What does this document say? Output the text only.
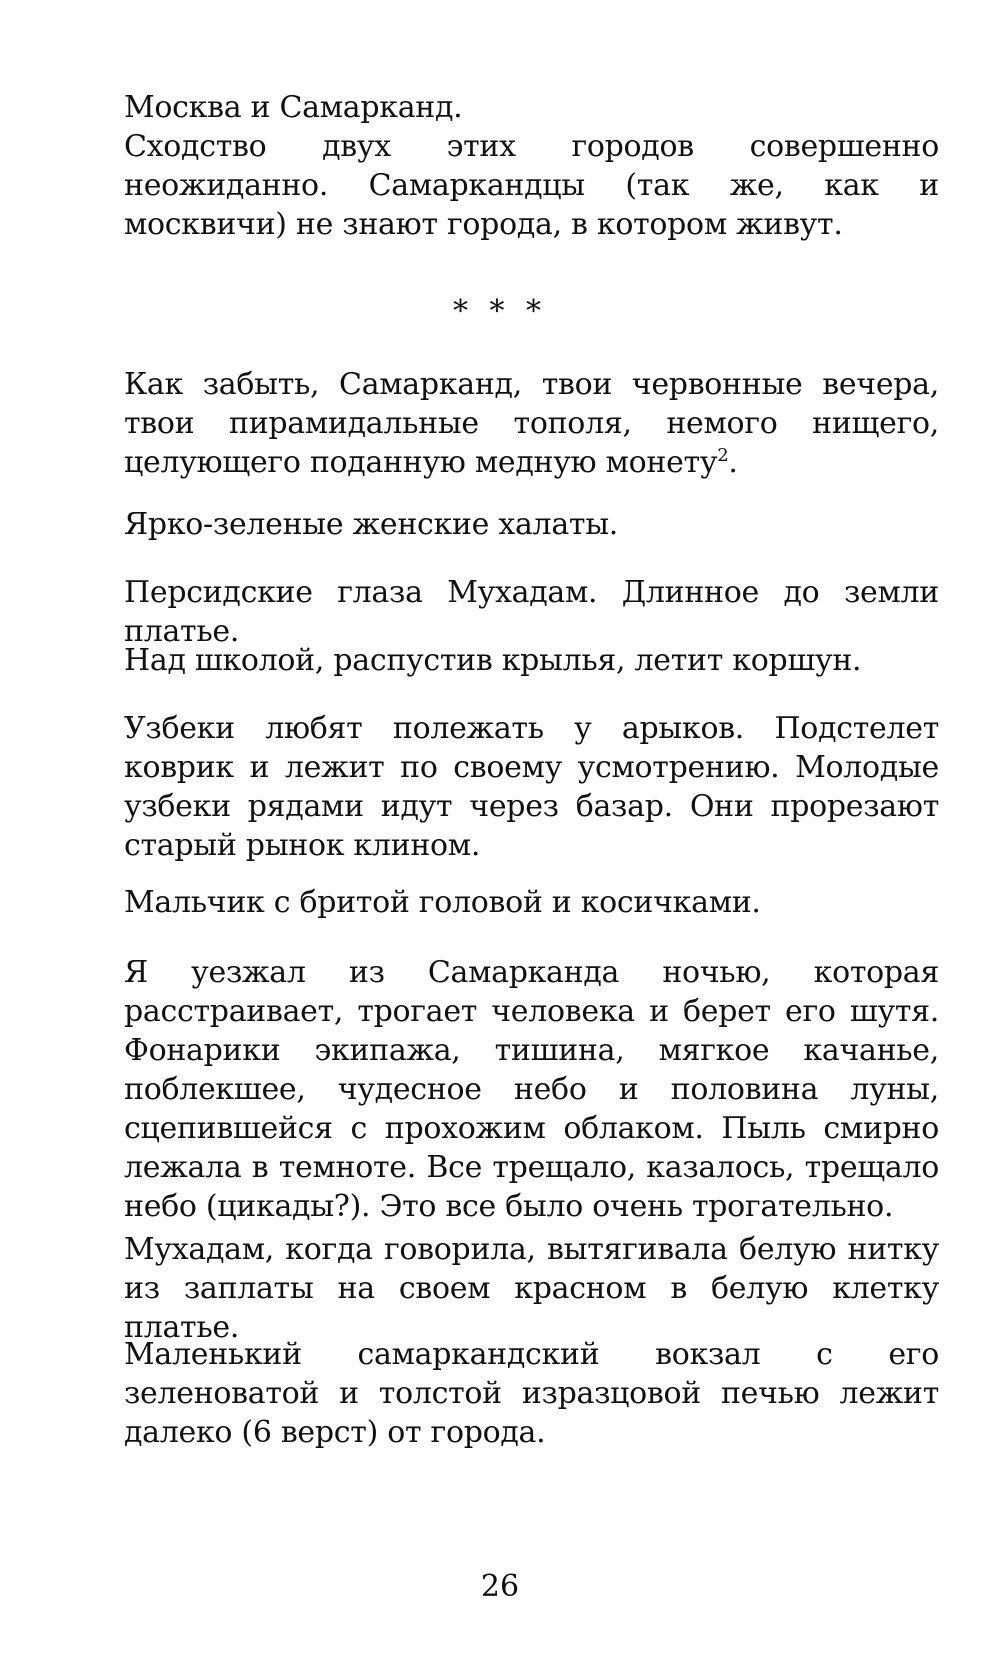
Москва и Самарканд.
Сходство двух этих городов совершенно неожиданно. Самаркандцы (так же, как и москвичи) не знают города, в котором живут.

* * *

Как забыть, Самарканд, твои червонные вечера, твои пирамидальные тополя, немого нищего, целующего поданную медную монету$^2$.

Ярко-зеленые женские халаты.

Персидские глаза Мухадам. Длинное до земли платье.

Над школой, распустив крылья, летит коршун.

Узбеки любят полежать у арыков. Подстелет коврик и лежит по своему усмотрению. Молодые узбеки рядами идут через базар. Они прорезают старый рынок клином.

Мальчик с бритой головой и косичками.

Я уезжал из Самарканда ночью, которая расстраивает, трогает человека и берет его шутя. Фонарики экипажа, тишина, мягкое качанье, поблекшее, чудесное небо и половина луны, сцепившейся с прохожим облаком. Пыль смирно лежала в темноте. Все трещало, казалось, трещало небо (цикады?). Это все было очень трогательно.

Мухадам, когда говорила, вытягивала белую нитку из заплаты на своем красном в белую клетку платье.

Маленький самаркандский вокзал с его зеленоватой и толстой изразцовой печью лежит далеко (6 верст) от города.

26
